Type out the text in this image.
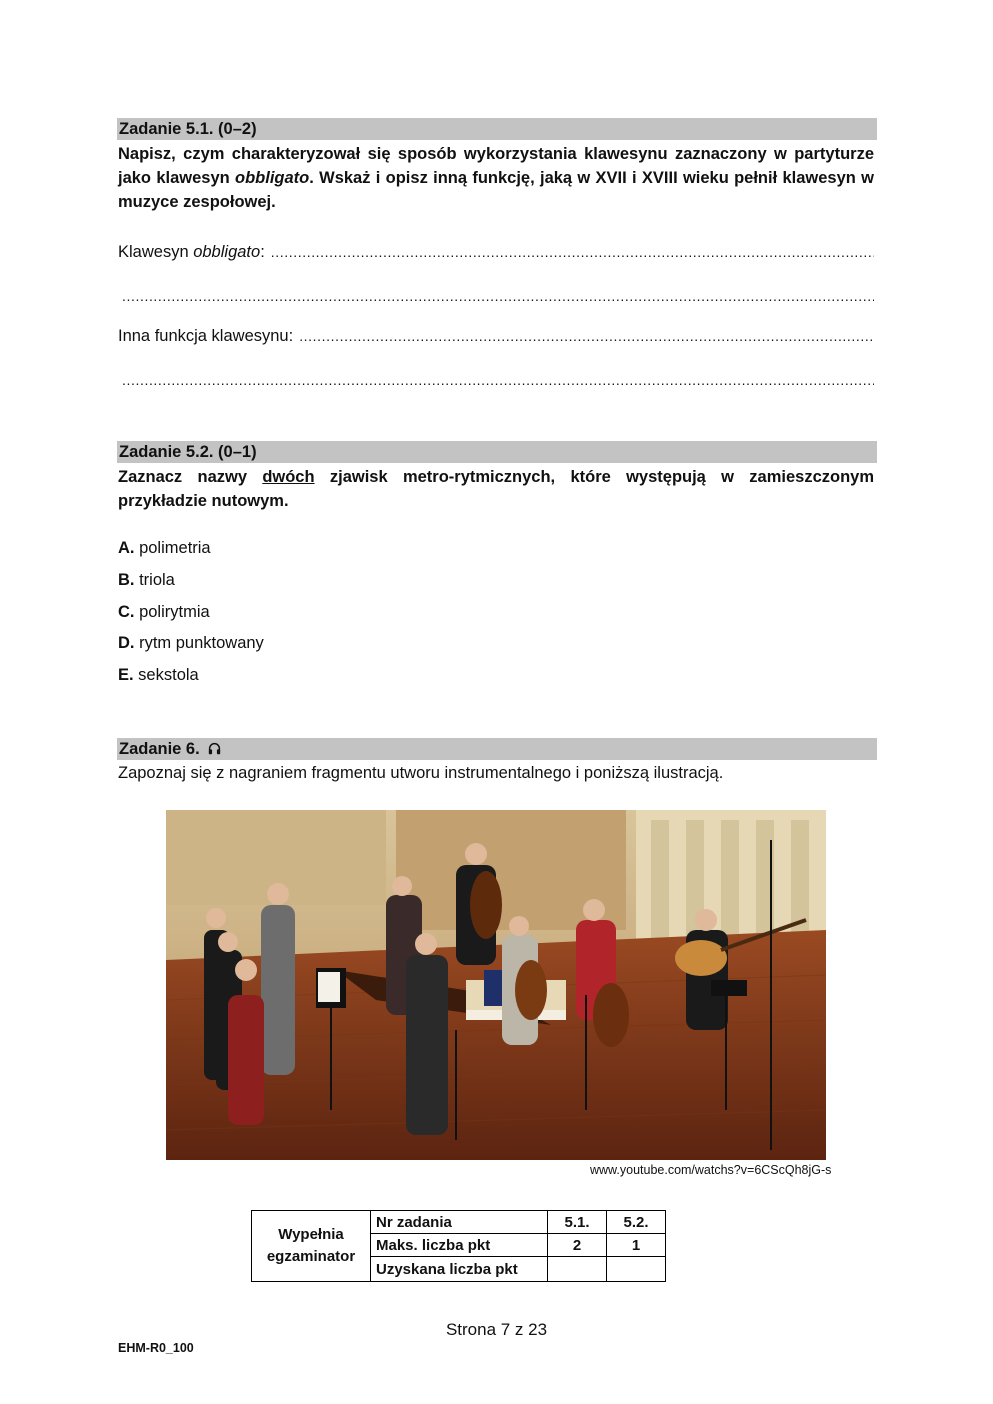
Zadanie 5.1. (0–2)
Napisz, czym charakteryzował się sposób wykorzystania klawesynu zaznaczony w partyturze jako klawesyn obbligato. Wskaż i opisz inną funkcję, jaką w XVII i XVIII wieku pełnił klawesyn w muzyce zespołowej.
Klawesyn obbligato:
.....
.....
Inna funkcja klawesynu:
.....
.....
Zadanie 5.2. (0–1)
Zaznacz nazwy dwóch zjawisk metro-rytmicznych, które występują w zamieszczonym przykładzie nutowym.
A. polimetria
B. triola
C. polirytmia
D. rytm punktowany
E. sekstola
Zadanie 6.
Zapoznaj się z nagraniem fragmentu utworu instrumentalnego i poniższą ilustracją.
www.youtube.com/watchs?v=6CScQh8jG-s
Wypełnia
egzaminator	Nr zadania	5.1.	5.2.
	Maks. liczba pkt	2	1
	Uzyskana liczba pkt		
Strona 7 z 23
EHM-R0_100
